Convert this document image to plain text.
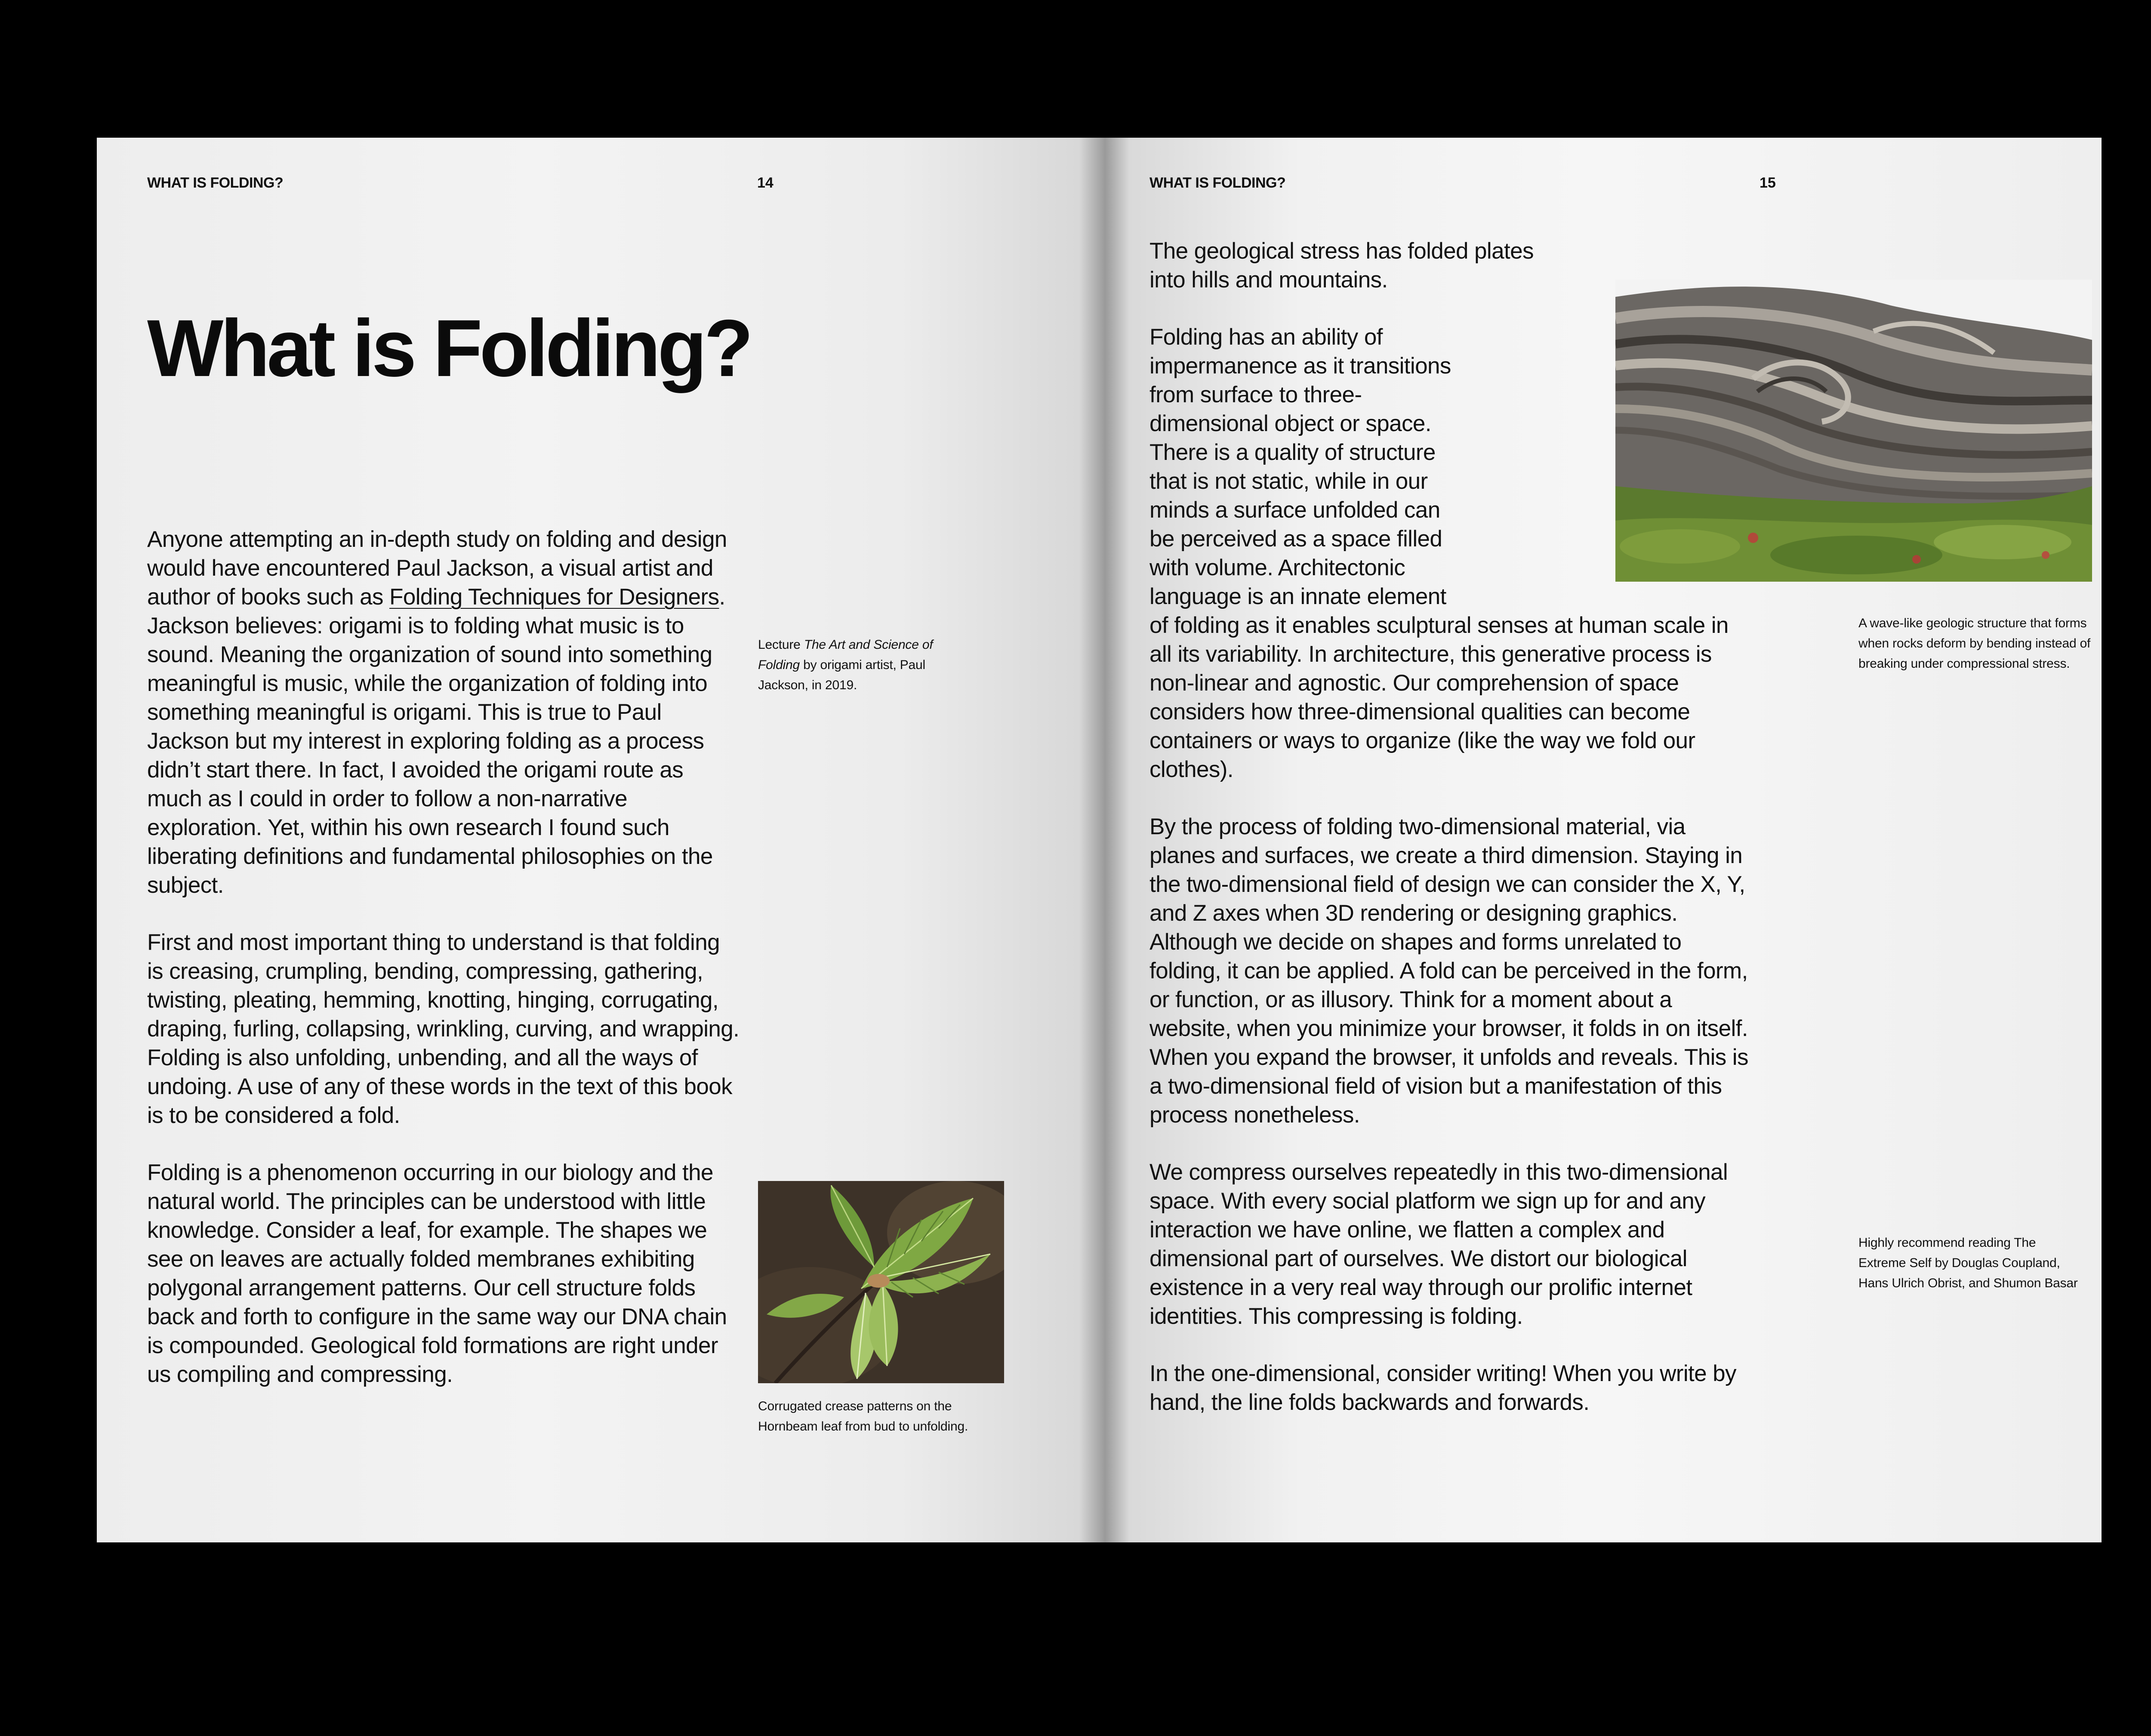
WHAT IS FOLDING?	14
What is Folding?

Anyone attempting an in-depth study on folding and design would have encountered Paul Jackson, a visual artist and author of books such as Folding Techniques for Designers. Jackson believes: origami is to folding what music is to sound. Meaning the organization of sound into something meaningful is music, while the organization of folding into something meaningful is origami. This is true to Paul Jackson but my interest in exploring folding as a process didn’t start there. In fact, I avoided the origami route as much as I could in order to follow a non-narrative exploration. Yet, within his own research I found such liberating definitions and fundamental philosophies on the subject.

First and most important thing to understand is that folding is creasing, crumpling, bending, compressing, gathering, twisting, pleating, hemming, knotting, hinging, corrugating, draping, furling, collapsing, wrinkling, curving, and wrapping. Folding is also unfolding, unbending, and all the ways of undoing. A use of any of these words in the text of this book is to be considered a fold.

Folding is a phenomenon occurring in our biology and the natural world. The principles can be understood with little knowledge. Consider a leaf, for example. The shapes we see on leaves are actually folded membranes exhibiting polygonal arrangement patterns. Our cell structure folds back and forth to configure in the same way our DNA chain is compounded. Geological fold formations are right under us compiling and compressing.

Lecture The Art and Science of Folding by origami artist, Paul Jackson, in 2019.
Corrugated crease patterns on the Hornbeam leaf from bud to unfolding.
WHAT IS FOLDING?	15

The geological stress has folded plates into hills and mountains.

Folding has an ability of
impermanence as it transitions
from surface to three-
dimensional object or space.
There is a quality of structure
that is not static, while in our
minds a surface unfolded can
be perceived as a space filled
with volume. Architectonic
language is an innate element
of folding as it enables sculptural senses at human scale in all its variability. In architecture, this generative process is non-linear and agnostic. Our comprehension of space considers how three-dimensional qualities can become containers or ways to organize (like the way we fold our clothes).

By the process of folding two-dimensional material, via planes and surfaces, we create a third dimension. Staying in the two-dimensional field of design we can consider the X, Y, and Z axes when 3D rendering or designing graphics. Although we decide on shapes and forms unrelated to folding, it can be applied. A fold can be perceived in the form, or function, or as illusory. Think for a moment about a website, when you minimize your browser, it folds in on itself. When you expand the browser, it unfolds and reveals. This is a two-dimensional field of vision but a manifestation of this process nonetheless.

We compress ourselves repeatedly in this two-dimensional space. With every social platform we sign up for and any interaction we have online, we flatten a complex and dimensional part of ourselves. We distort our biological existence in a very real way through our prolific internet identities. This compressing is folding.

In the one-dimensional, consider writing! When you write by hand, the line folds backwards and forwards.

A wave-like geologic structure that forms when rocks deform by bending instead of breaking under compressional stress.
Highly recommend reading The Extreme Self by Douglas Coupland, Hans Ulrich Obrist, and Shumon Basar
